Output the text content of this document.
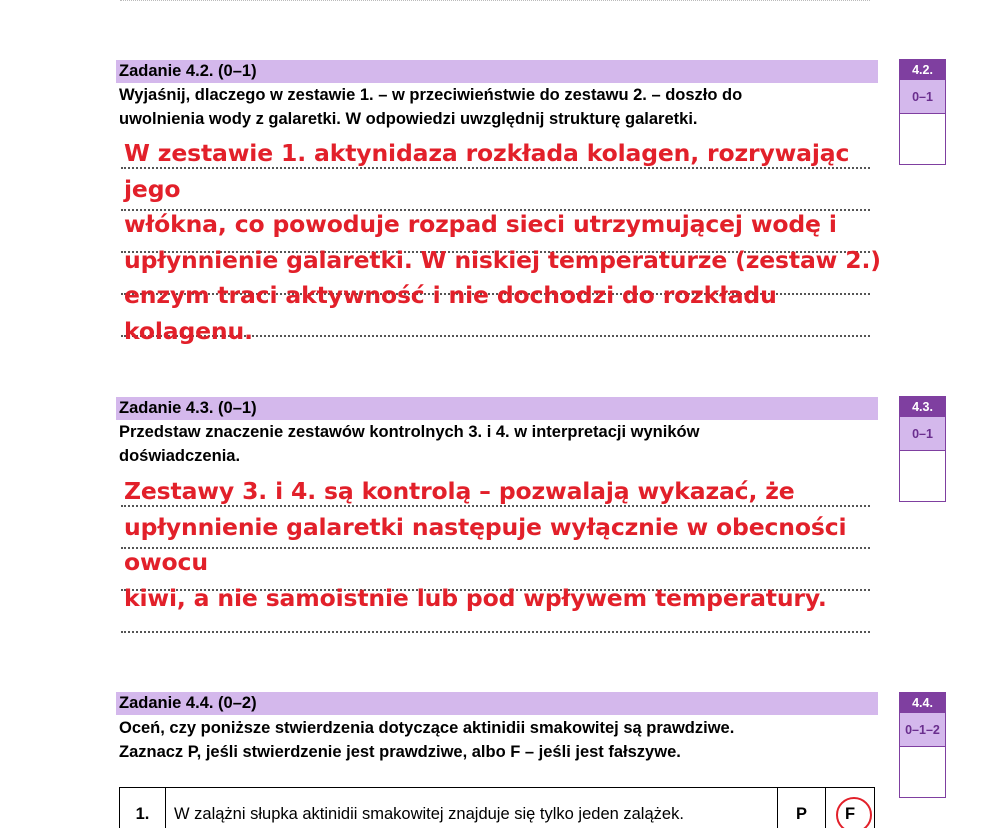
Zadanie 4.2. (0–1)
Wyjaśnij, dlaczego w zestawie 1. – w przeciwieństwie do zestawu 2. – doszło do
uwolnienia wody z galaretki. W odpowiedzi uwzględnij strukturę galaretki.
W zestawie 1. aktynidaza rozkłada kolagen, rozrywając jego
włókna, co powoduje rozpad sieci utrzymującej wodę i
upłynnienie galaretki. W niskiej temperaturze (zestaw 2.)
enzym traci aktywność i nie dochodzi do rozkładu kolagenu.
4.2.
0–1
Zadanie 4.3. (0–1)
Przedstaw znaczenie zestawów kontrolnych 3. i 4. w interpretacji wyników
doświadczenia.
Zestawy 3. i 4. są kontrolą – pozwalają wykazać, że
upłynnienie galaretki następuje wyłącznie w obecności owocu
kiwi, a nie samoistnie lub pod wpływem temperatury.
4.3.
0–1
Zadanie 4.4. (0–2)
Oceń, czy poniższe stwierdzenia dotyczące aktinidii smakowitej są prawdziwe.
Zaznacz P, jeśli stwierdzenie jest prawdziwe, albo F – jeśli jest fałszywe.
4.4.
0–1–2
1.	W zalążni słupka aktinidii smakowitej znajduje się tylko jeden zalążek.	P	F
